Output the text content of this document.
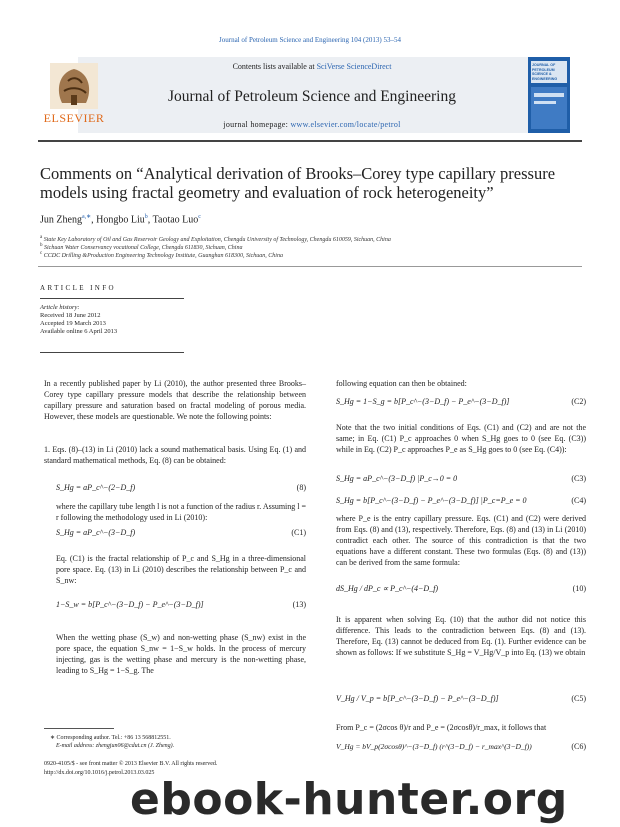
Journal of Petroleum Science and Engineering 104 (2013) 53–54
Contents lists available at SciVerse ScienceDirect
Journal of Petroleum Science and Engineering
journal homepage: www.elsevier.com/locate/petrol
ELSEVIER
JOURNAL OF PETROLEUM SCIENCE & ENGINEERING
Comments on “Analytical derivation of Brooks–Corey type capillary pressure models using fractal geometry and evaluation of rock heterogeneity”
Jun Zheng$^{a,∗}$, Hongbo Liu$^b$, Taotao Luo$^c$
$^a$ State Key Laboratory of Oil and Gas Reservoir Geology and Exploitation, Chengdu University of Technology, Chengdu 610059, Sichuan, China
$^b$ Sichuan Water Conservancy vocational College, Chengdu 611830, Sichuan, China
$^c$ CCDC Drilling &Production Engineering Technology Institute, Guanghan 618300, Sichuan, China
ARTICLE INFO
Article history:
Received 18 June 2012
Accepted 19 March 2013
Available online 6 April 2013
In a recently published paper by Li (2010), the author presented three Brooks–Corey type capillary pressure models that describe the relationship between capillary pressure and saturation based on fractal modeling of porous media. However, these models are questionable. We note the following points:
1. Eqs. (8)–(13) in Li (2010) lack a sound mathematical basis. Using Eq. (1) and standard mathematical methods, Eq. (8) can be obtained:
S_Hg = aP_c^−(2−D_f)	(8)
where the capillary tube length l is not a function of the radius r. Assuming l = r following the methodology used in Li (2010):
S_Hg = aP_c^−(3−D_f)	(C1)
Eq. (C1) is the fractal relationship of P_c and S_Hg in a three-dimensional pore space. Eq. (13) in Li (2010) describes the relationship between P_c and S_nw:
1−S_w = b[P_c^−(3−D_f) − P_e^−(3−D_f)]	(13)
When the wetting phase (S_w) and non-wetting phase (S_nw) exist in the pore space, the equation S_nw = 1−S_w holds. In the process of mercury injecting, gas is the wetting phase and mercury is the non-wetting phase, leading to S_Hg = 1−S_g. The
∗ Corresponding author. Tel.: +86 13 568812551.
E-mail address: zhengjun06@cdut.cn (J. Zheng).
0920-4105/$ - see front matter © 2013 Elsevier B.V. All rights reserved.
http://dx.doi.org/10.1016/j.petrol.2013.03.025
following equation can then be obtained:
S_Hg = 1−S_g = b[P_c^−(3−D_f) − P_e^−(3−D_f)]	(C2)
Note that the two initial conditions of Eqs. (C1) and (C2) and are not the same; in Eq. (C1) P_c approaches 0 when S_Hg goes to 0 (see Eq. (C3)) while in Eq. (C2) P_c approaches P_e as S_Hg goes to 0 (see Eq. (C4)):
S_Hg = aP_c^−(3−D_f) |P_c→0 = 0	(C3)
S_Hg = b[P_c^−(3−D_f) − P_e^−(3−D_f)] |P_c=P_e = 0	(C4)
where P_e is the entry capillary pressure. Eqs. (C1) and (C2) were derived from Eqs. (8) and (13), respectively. Therefore, Eqs. (8) and (13) in Li (2010) contradict each other. The source of this contradiction is that the two equations have a different constant. These two formulas (Eqs. (8) and (13)) can be derived from the same formula:
dS_Hg / dP_c ∝ P_c^−(4−D_f)	(10)
It is apparent when solving Eq. (10) that the author did not notice this difference. This leads to the contradiction between Eqs. (8) and (13). Therefore, Eq. (13) cannot be deduced from Eq. (1). Further evidence can be shown as follows: If we substitute S_Hg = V_Hg/V_p into Eq. (13) we obtain
V_Hg / V_p = b[P_c^−(3−D_f) − P_e^−(3−D_f)]	(C5)
From P_c = (2σcos θ)/r and P_e = (2σcosθ)/r_max, it follows that
V_Hg = bV_p(2σcosθ)^−(3−D_f) (r^(3−D_f) − r_max^(3−D_f))	(C6)
ebook-hunter.org
